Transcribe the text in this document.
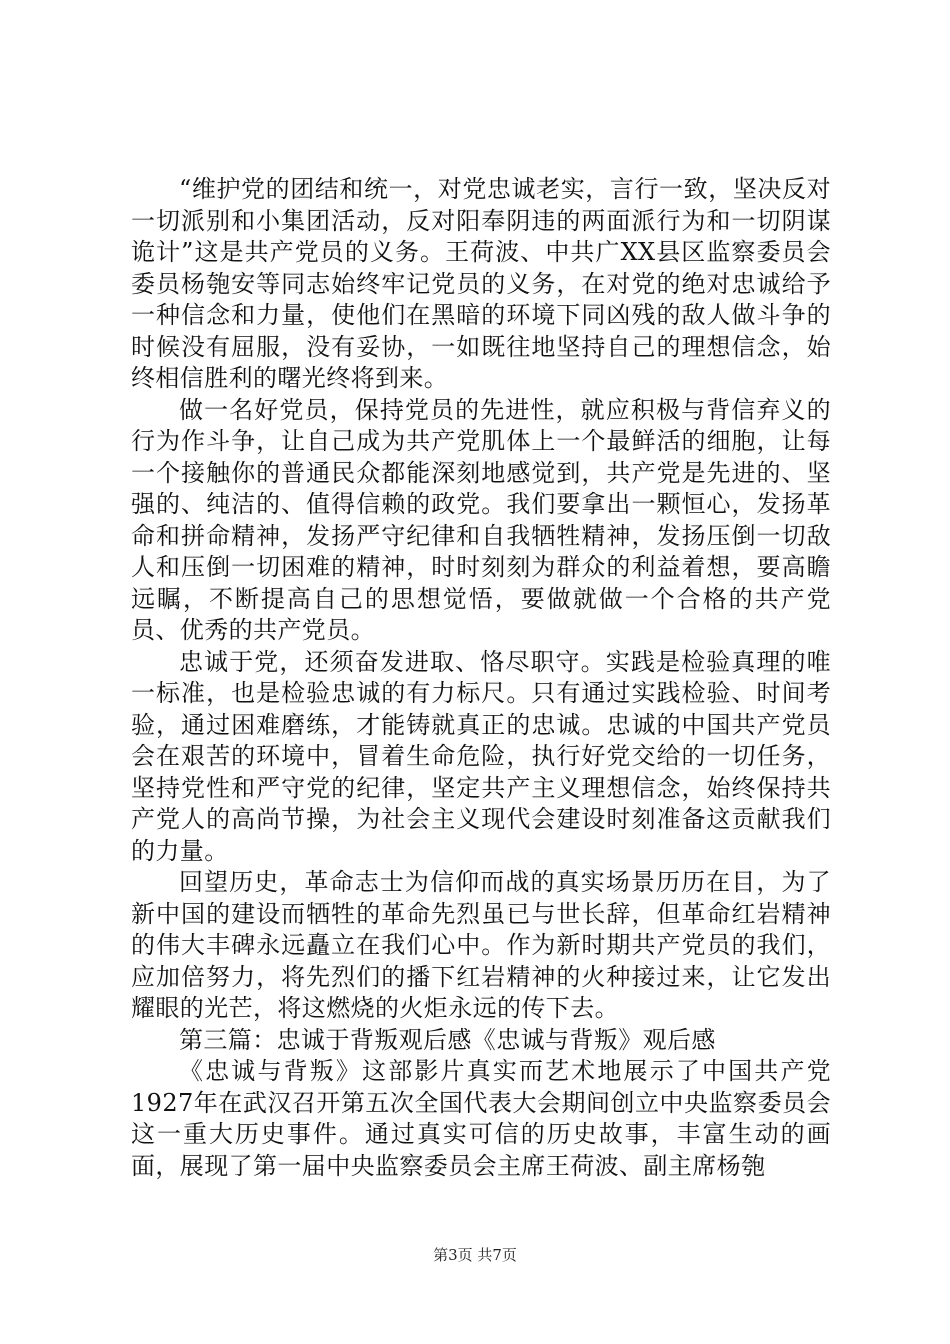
“维护党的团结和统一，对党忠诚老实，言行一致，坚决反对一切派别和小集团活动，反对阳奉阴违的两面派行为和一切阴谋诡计”这是共产党员的义务。王荷波、中共广XX县区监察委员会委员杨匏安等同志始终牢记党员的义务，在对党的绝对忠诚给予一种信念和力量，使他们在黑暗的环境下同凶残的敌人做斗争的时候没有屈服，没有妥协，一如既往地坚持自己的理想信念，始终相信胜利的曙光终将到来。

做一名好党员，保持党员的先进性，就应积极与背信弃义的行为作斗争，让自己成为共产党肌体上一个最鲜活的细胞，让每一个接触你的普通民众都能深刻地感觉到，共产党是先进的、坚强的、纯洁的、值得信赖的政党。我们要拿出一颗恒心，发扬革命和拼命精神，发扬严守纪律和自我牺牲精神，发扬压倒一切敌人和压倒一切困难的精神，时时刻刻为群众的利益着想，要高瞻远瞩，不断提高自己的思想觉悟，要做就做一个合格的共产党员、优秀的共产党员。

忠诚于党，还须奋发进取、恪尽职守。实践是检验真理的唯一标准，也是检验忠诚的有力标尺。只有通过实践检验、时间考验，通过困难磨练，才能铸就真正的忠诚。忠诚的中国共产党员会在艰苦的环境中，冒着生命危险，执行好党交给的一切任务，坚持党性和严守党的纪律，坚定共产主义理想信念，始终保持共产党人的高尚节操，为社会主义现代会建设时刻准备这贡献我们的力量。

回望历史，革命志士为信仰而战的真实场景历历在目，为了新中国的建设而牺牲的革命先烈虽已与世长辞，但革命红岩精神的伟大丰碑永远矗立在我们心中。作为新时期共产党员的我们，应加倍努力，将先烈们的播下红岩精神的火种接过来，让它发出耀眼的光芒，将这燃烧的火炬永远的传下去。

第三篇：忠诚于背叛观后感《忠诚与背叛》观后感

《忠诚与背叛》这部影片真实而艺术地展示了中国共产党1927年在武汉召开第五次全国代表大会期间创立中央监察委员会这一重大历史事件。通过真实可信的历史故事，丰富生动的画面，展现了第一届中央监察委员会主席王荷波、副主席杨匏

第3页 共7页
